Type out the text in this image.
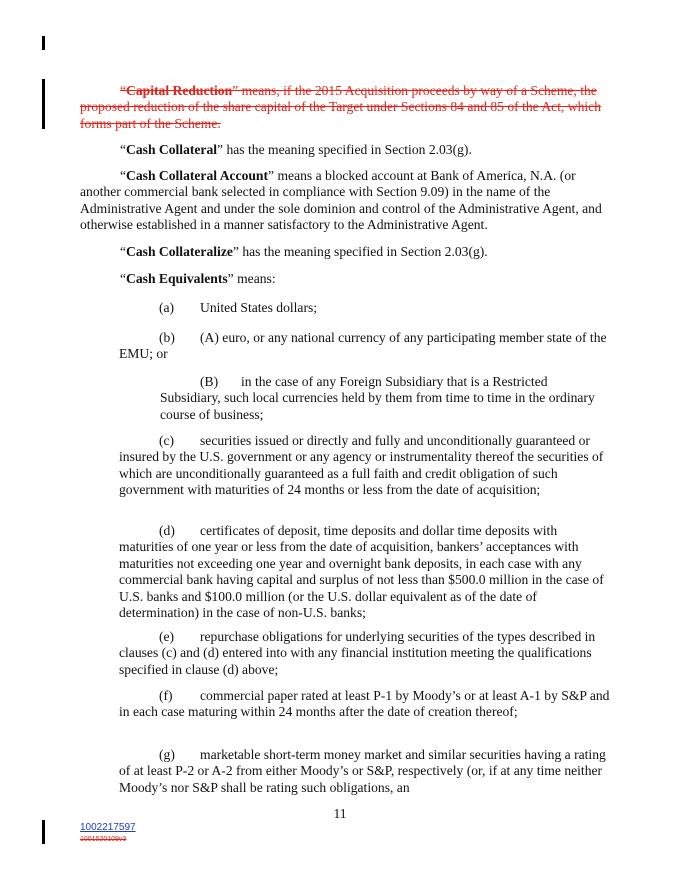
“Capital Reduction” means, if the 2015 Acquisition proceeds by way of a Scheme, the proposed reduction of the share capital of the Target under Sections 84 and 85 of the Act, which forms part of the Scheme.

“Cash Collateral” has the meaning specified in Section 2.03(g).

“Cash Collateral Account” means a blocked account at Bank of America, N.A. (or another commercial bank selected in compliance with Section 9.09) in the name of the Administrative Agent and under the sole dominion and control of the Administrative Agent, and otherwise established in a manner satisfactory to the Administrative Agent.

“Cash Collateralize” has the meaning specified in Section 2.03(g).

“Cash Equivalents” means:

(a) United States dollars;

(b) (A) euro, or any national currency of any participating member state of the EMU; or

(B) in the case of any Foreign Subsidiary that is a Restricted Subsidiary, such local currencies held by them from time to time in the ordinary course of business;

(c) securities issued or directly and fully and unconditionally guaranteed or insured by the U.S. government or any agency or instrumentality thereof the securities of which are unconditionally guaranteed as a full faith and credit obligation of such government with maturities of 24 months or less from the date of acquisition;

(d) certificates of deposit, time deposits and dollar time deposits with maturities of one year or less from the date of acquisition, bankers’ acceptances with maturities not exceeding one year and overnight bank deposits, in each case with any commercial bank having capital and surplus of not less than $500.0 million in the case of U.S. banks and $100.0 million (or the U.S. dollar equivalent as of the date of determination) in the case of non-U.S. banks;

(e) repurchase obligations for underlying securities of the types described in clauses (c) and (d) entered into with any financial institution meeting the qualifications specified in clause (d) above;

(f) commercial paper rated at least P-1 by Moody’s or at least A-1 by S&P and in each case maturing within 24 months after the date of creation thereof;

(g) marketable short-term money market and similar securities having a rating of at least P-2 or A-2 from either Moody’s or S&P, respectively (or, if at any time neither Moody’s nor S&P shall be rating such obligations, an

11
1002217597
1001520109v3
